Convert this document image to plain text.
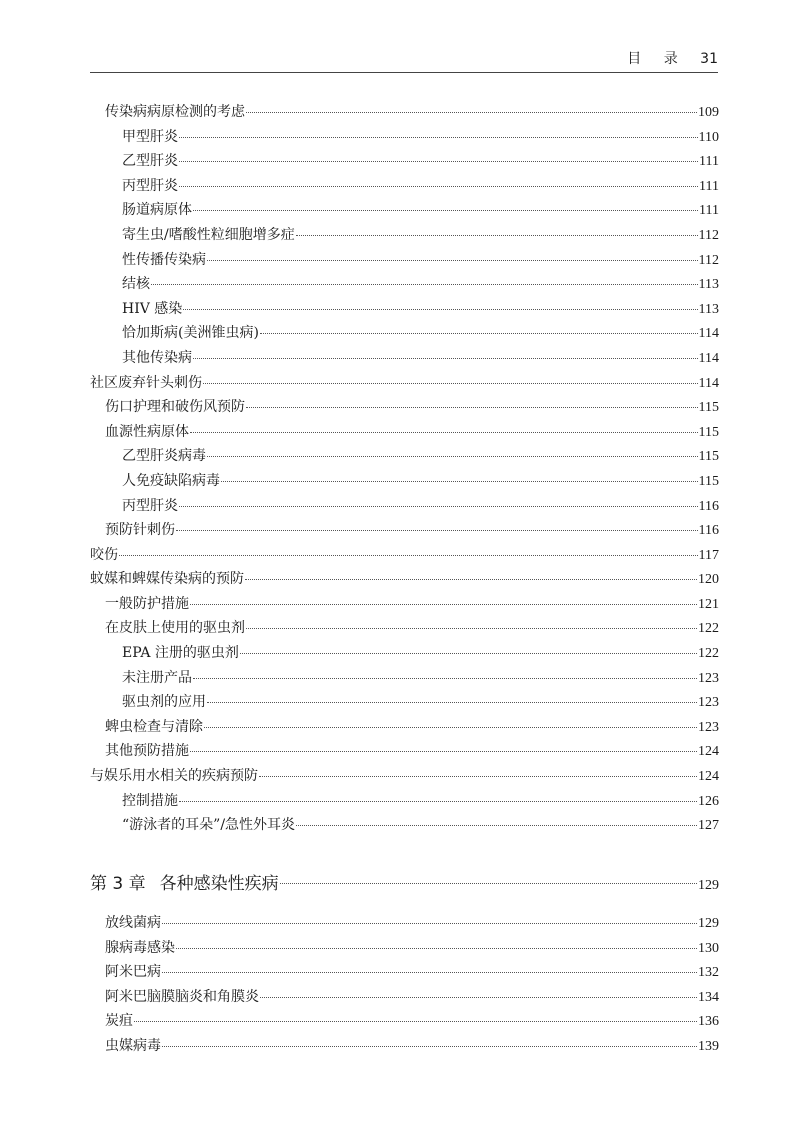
目 录 31
传染病病原检测的考虑	109
甲型肝炎	110
乙型肝炎	111
丙型肝炎	111
肠道病原体	111
寄生虫/嗜酸性粒细胞增多症	112
性传播传染病	112
结核	113
HIV 感染	113
恰加斯病(美洲锥虫病)	114
其他传染病	114
社区废弃针头刺伤	114
伤口护理和破伤风预防	115
血源性病原体	115
乙型肝炎病毒	115
人免疫缺陷病毒	115
丙型肝炎	116
预防针刺伤	116
咬伤	117
蚊媒和蜱媒传染病的预防	120
一般防护措施	121
在皮肤上使用的驱虫剂	122
EPA 注册的驱虫剂	122
未注册产品	123
驱虫剂的应用	123
蜱虫检查与清除	123
其他预防措施	124
与娱乐用水相关的疾病预防	124
控制措施	126
“游泳者的耳朵”/急性外耳炎	127
第 3 章 各种感染性疾病	129
放线菌病	129
腺病毒感染	130
阿米巴病	132
阿米巴脑膜脑炎和角膜炎	134
炭疽	136
虫媒病毒	139
